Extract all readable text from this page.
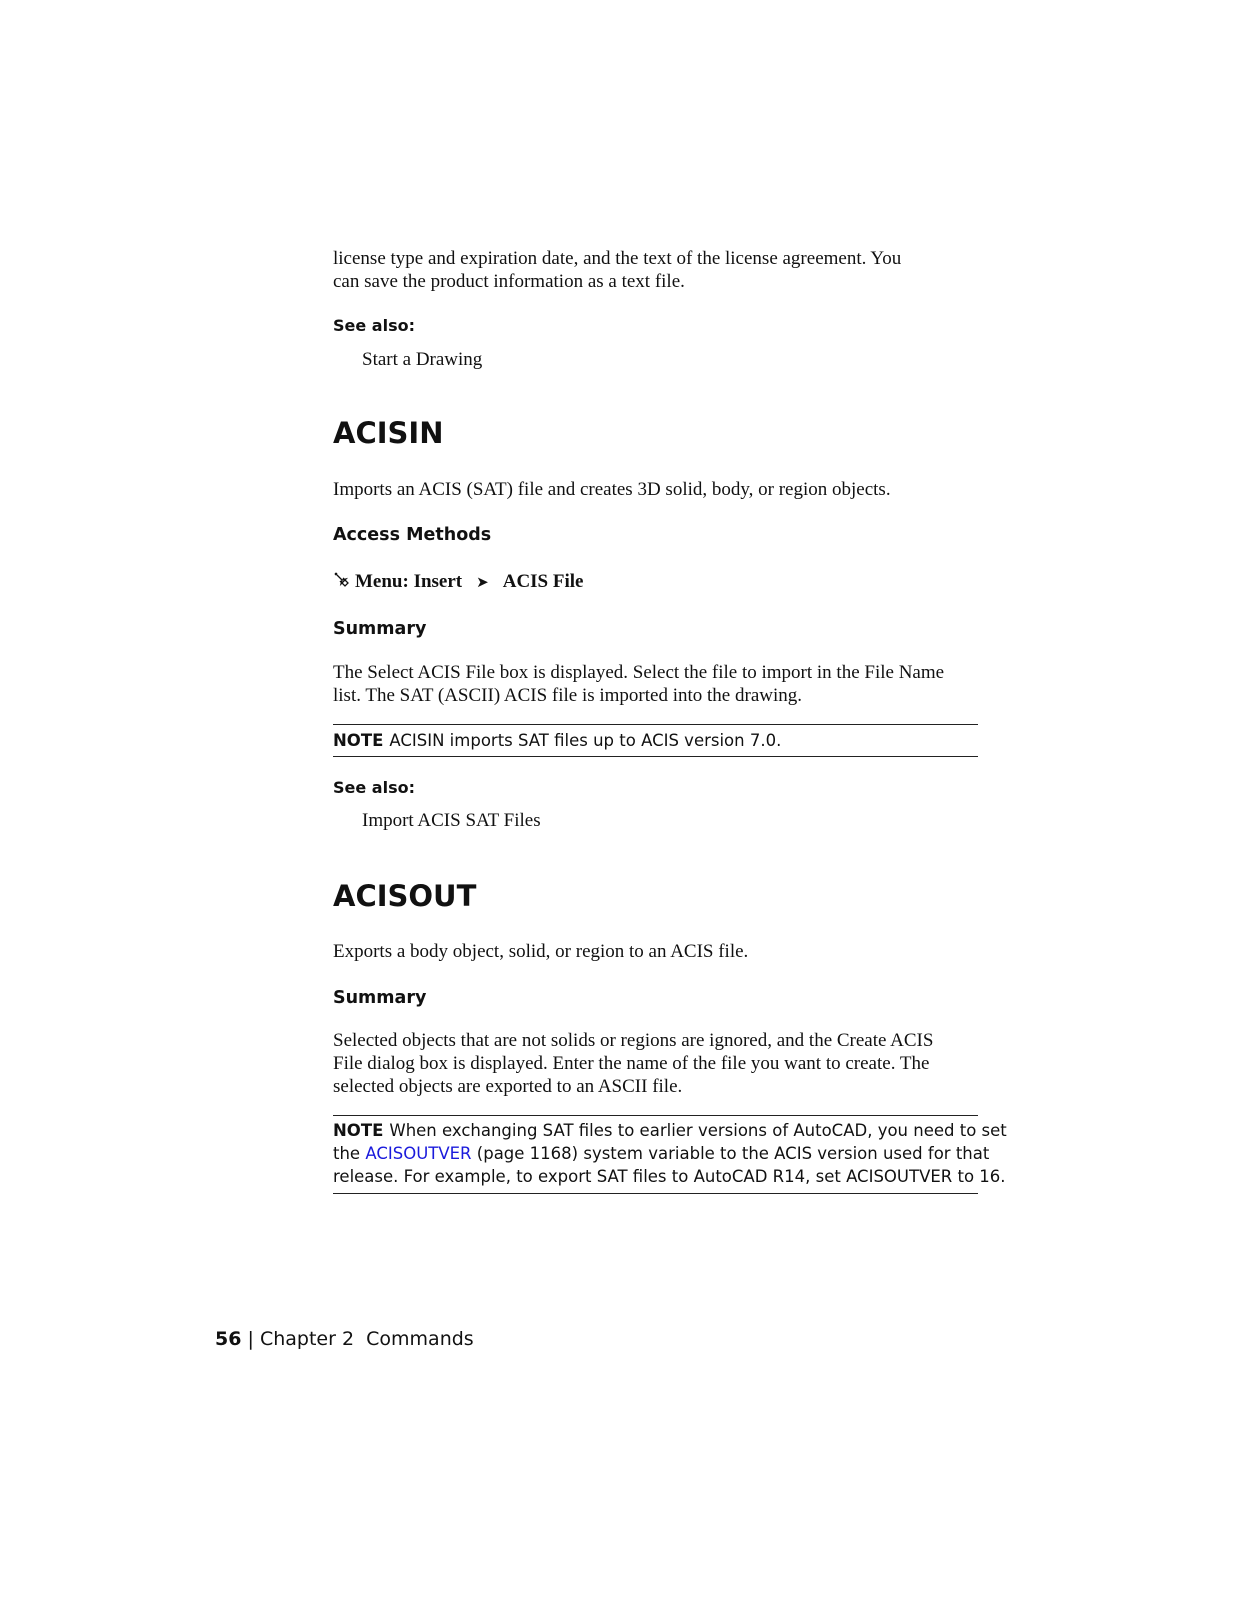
license type and expiration date, and the text of the license agreement. You
can save the product information as a text file.
See also:
Start a Drawing
ACISIN
Imports an ACIS (SAT) file and creates 3D solid, body, or region objects.
Access Methods
Menu: Insert ➤ ACIS File
Summary
The Select ACIS File box is displayed. Select the file to import in the File Name
list. The SAT (ASCII) ACIS file is imported into the drawing.
NOTE ACISIN imports SAT files up to ACIS version 7.0.
See also:
Import ACIS SAT Files
ACISOUT
Exports a body object, solid, or region to an ACIS file.
Summary
Selected objects that are not solids or regions are ignored, and the Create ACIS
File dialog box is displayed. Enter the name of the file you want to create. The
selected objects are exported to an ASCII file.
NOTE When exchanging SAT files to earlier versions of AutoCAD, you need to set
the ACISOUTVER (page 1168) system variable to the ACIS version used for that
release. For example, to export SAT files to AutoCAD R14, set ACISOUTVER to 16.
56 | Chapter 2 Commands
